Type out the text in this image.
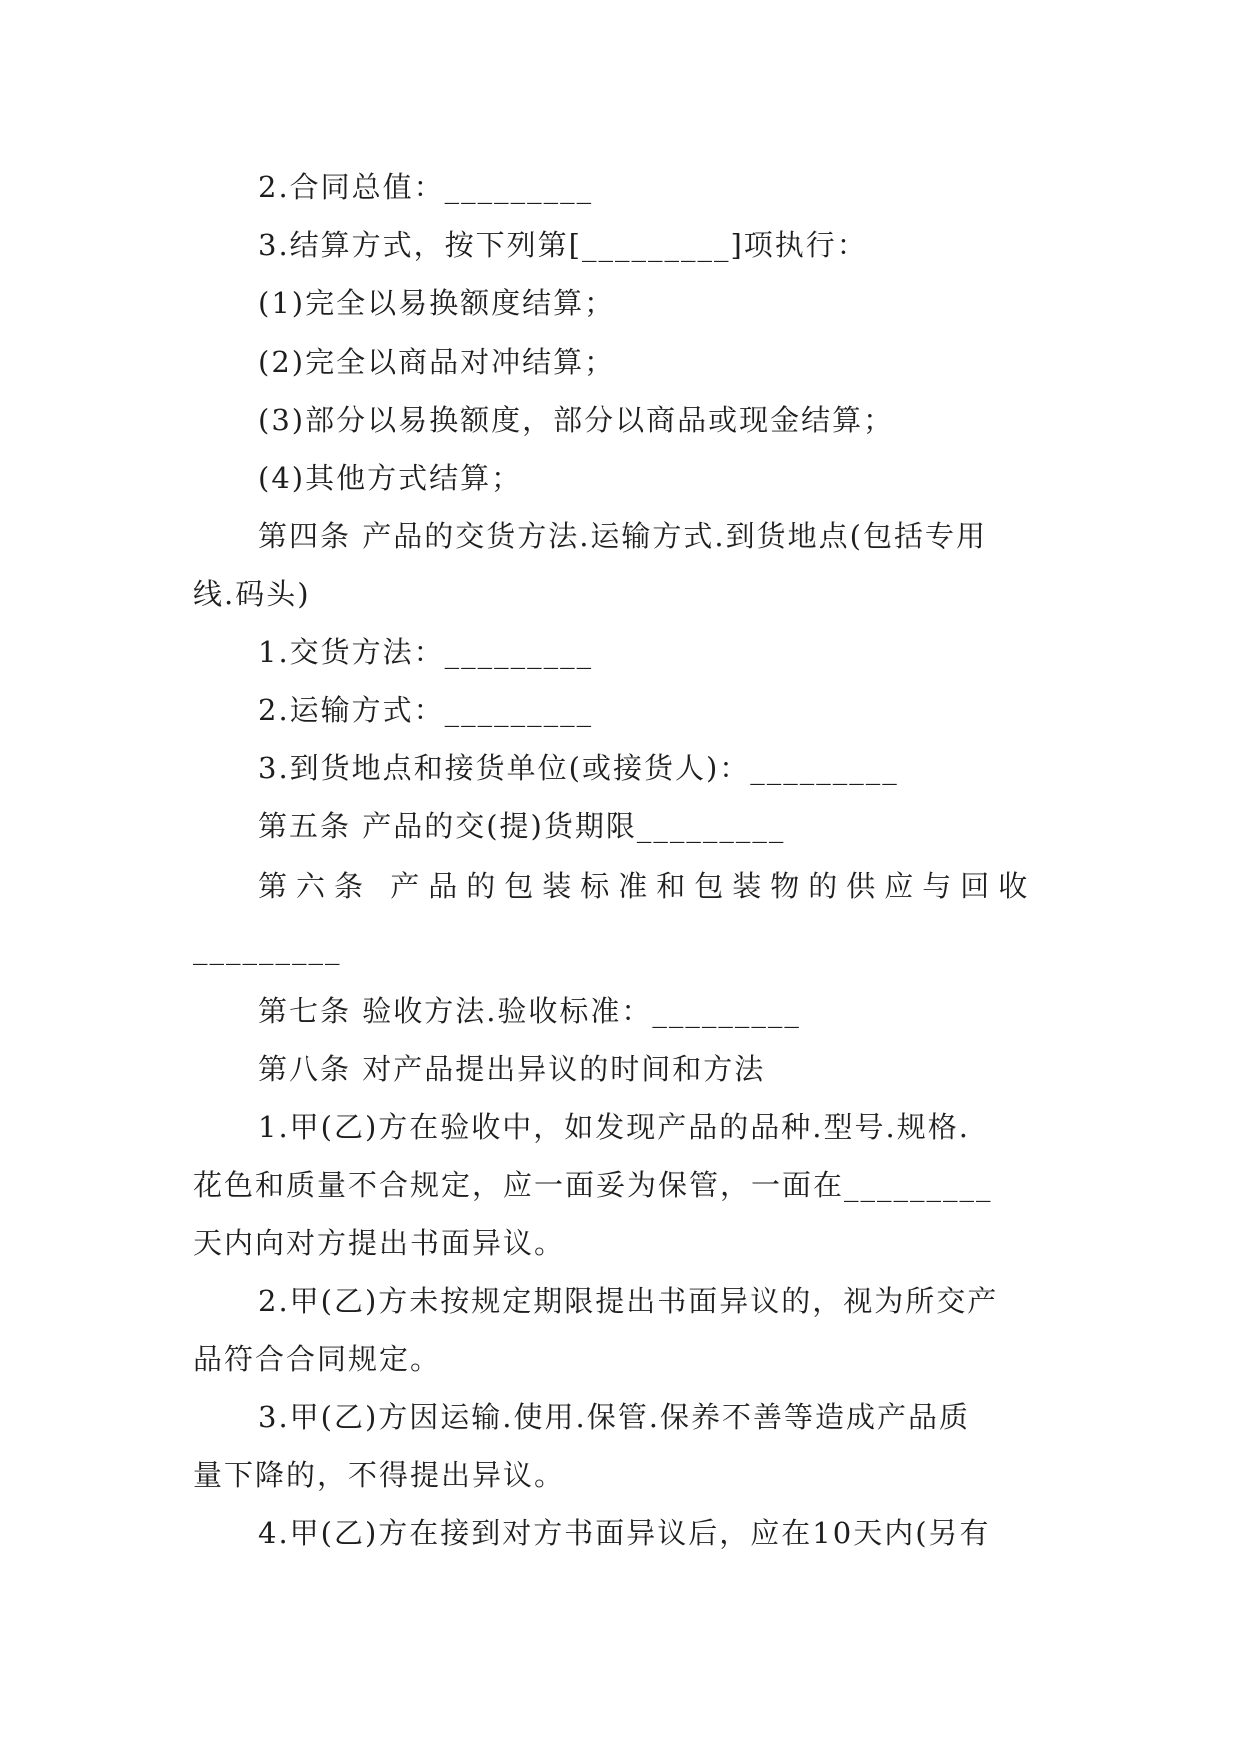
2.合同总值：_________
3.结算方式，按下列第[_________]项执行：
(1)完全以易换额度结算；
(2)完全以商品对冲结算；
(3)部分以易换额度，部分以商品或现金结算；
(4)其他方式结算；
第四条 产品的交货方法.运输方式.到货地点(包括专用
线.码头)
1.交货方法：_________
2.运输方式：_________
3.到货地点和接货单位(或接货人)：_________
第五条 产品的交(提)货期限_________
第六条 产品的包装标准和包装物的供应与回收
_________
第七条 验收方法.验收标准：_________
第八条 对产品提出异议的时间和方法
1.甲(乙)方在验收中，如发现产品的品种.型号.规格.
花色和质量不合规定，应一面妥为保管，一面在_________
天内向对方提出书面异议。
2.甲(乙)方未按规定期限提出书面异议的，视为所交产
品符合合同规定。
3.甲(乙)方因运输.使用.保管.保养不善等造成产品质
量下降的，不得提出异议。
4.甲(乙)方在接到对方书面异议后，应在10天内(另有
